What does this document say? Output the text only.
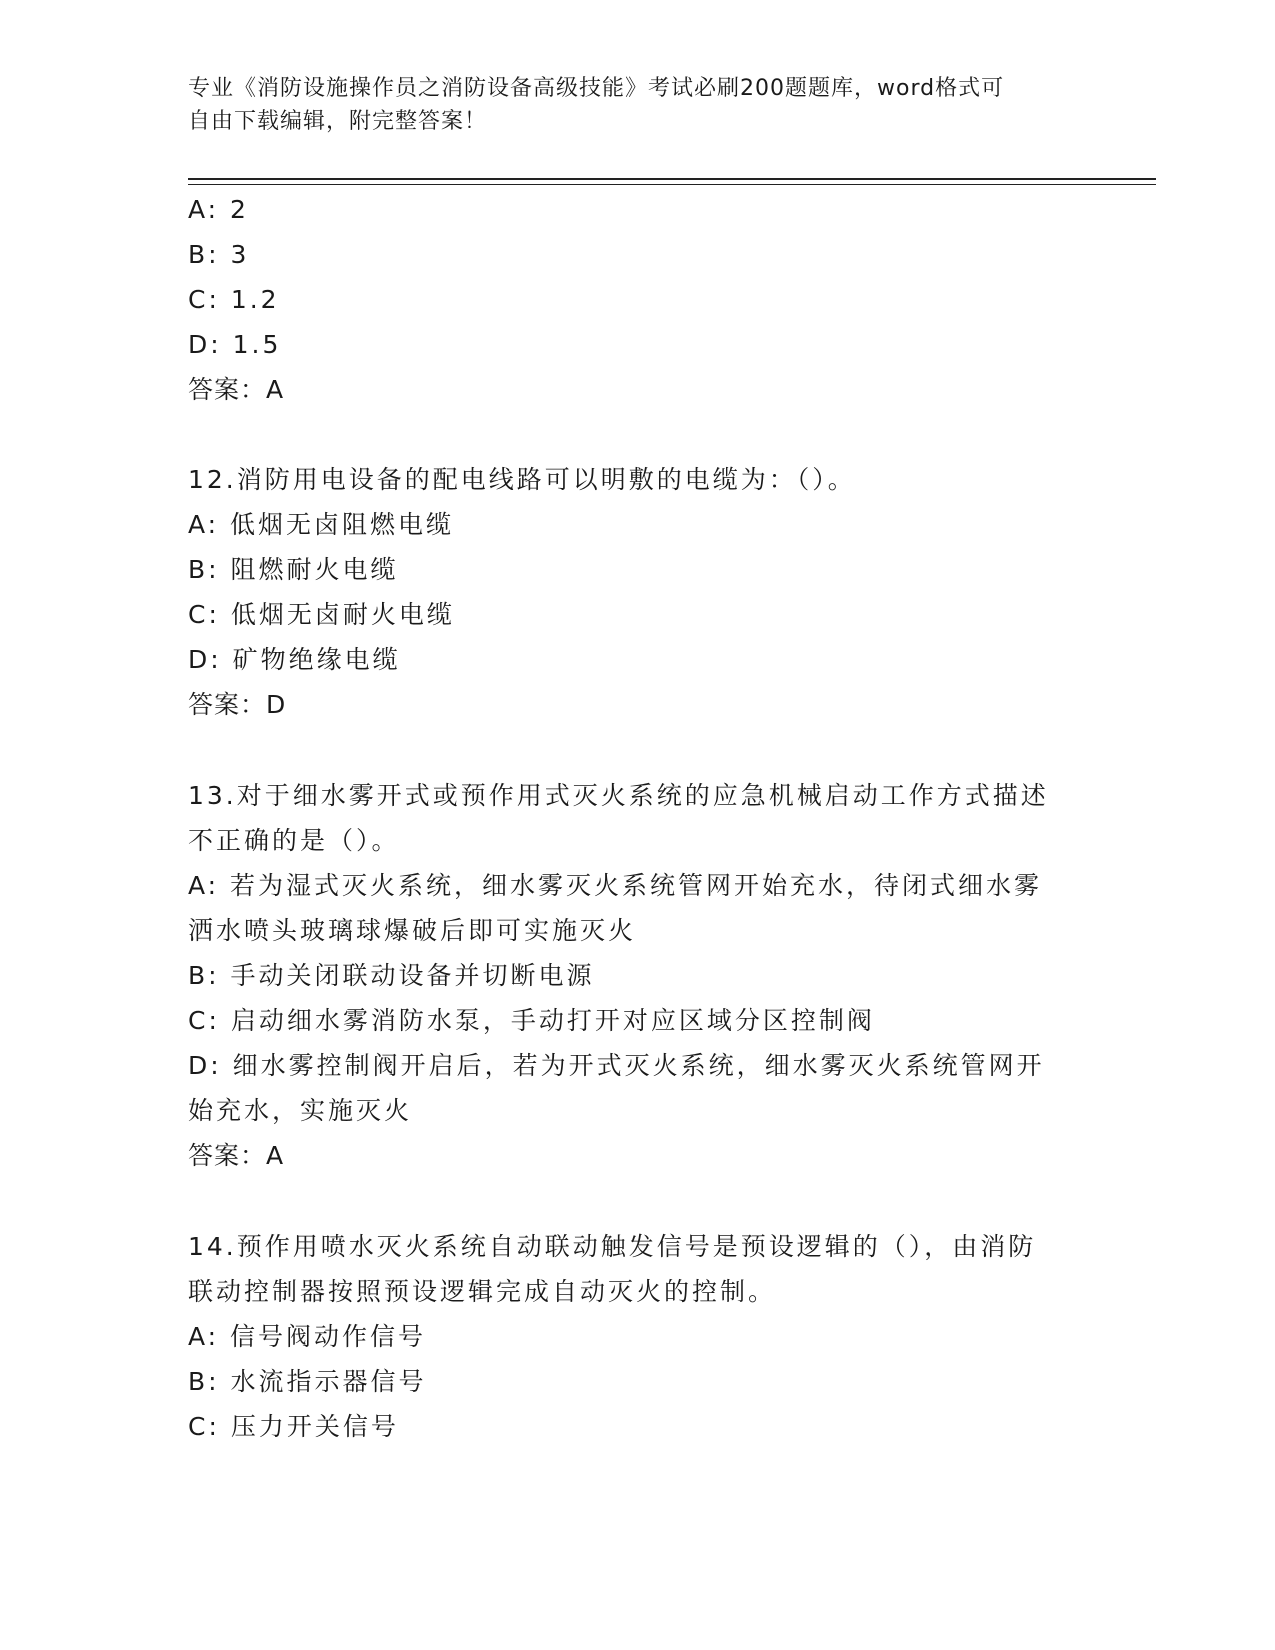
专业《消防设施操作员之消防设备高级技能》考试必刷200题题库，word格式可
自由下载编辑，附完整答案！
A: 2
B: 3
C: 1.2
D: 1.5
答案：A
12.消防用电设备的配电线路可以明敷的电缆为：（）。
A: 低烟无卤阻燃电缆
B: 阻燃耐火电缆
C: 低烟无卤耐火电缆
D: 矿物绝缘电缆
答案：D
13.对于细水雾开式或预作用式灭火系统的应急机械启动工作方式描述
不正确的是（）。
A: 若为湿式灭火系统，细水雾灭火系统管网开始充水，待闭式细水雾
洒水喷头玻璃球爆破后即可实施灭火
B: 手动关闭联动设备并切断电源
C: 启动细水雾消防水泵，手动打开对应区域分区控制阀
D: 细水雾控制阀开启后，若为开式灭火系统，细水雾灭火系统管网开
始充水，实施灭火
答案：A
14.预作用喷水灭火系统自动联动触发信号是预设逻辑的（），由消防
联动控制器按照预设逻辑完成自动灭火的控制。
A: 信号阀动作信号
B: 水流指示器信号
C: 压力开关信号
